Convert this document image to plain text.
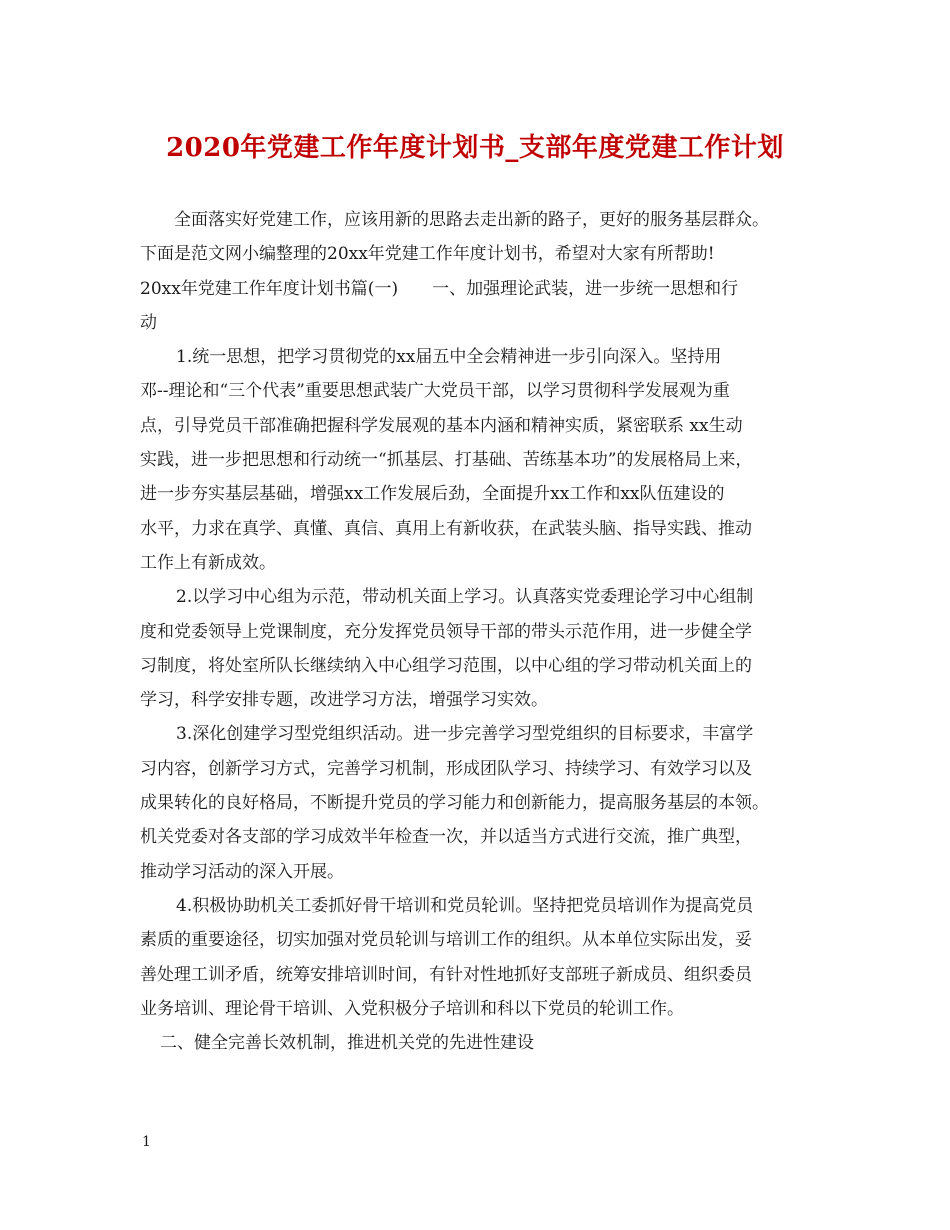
2020年党建工作年度计划书_支部年度党建工作计划
全面落实好党建工作，应该用新的思路去走出新的路子，更好的服务基层群众。
下面是范文网小编整理的20xx年党建工作年度计划书，希望对大家有所帮助!
20xx年党建工作年度计划书篇(一)　　一、加强理论武装，进一步统一思想和行
动
1.统一思想，把学习贯彻党的xx届五中全会精神进一步引向深入。坚持用
邓--理论和“三个代表”重要思想武装广大党员干部，以学习贯彻科学发展观为重
点，引导党员干部准确把握科学发展观的基本内涵和精神实质，紧密联系 xx生动
实践，进一步把思想和行动统一“抓基层、打基础、苦练基本功”的发展格局上来，
进一步夯实基层基础，增强xx工作发展后劲，全面提升xx工作和xx队伍建设的
水平，力求在真学、真懂、真信、真用上有新收获，在武装头脑、指导实践、推动
工作上有新成效。
2.以学习中心组为示范，带动机关面上学习。认真落实党委理论学习中心组制
度和党委领导上党课制度，充分发挥党员领导干部的带头示范作用，进一步健全学
习制度，将处室所队长继续纳入中心组学习范围，以中心组的学习带动机关面上的
学习，科学安排专题，改进学习方法，增强学习实效。
3.深化创建学习型党组织活动。进一步完善学习型党组织的目标要求，丰富学
习内容，创新学习方式，完善学习机制，形成团队学习、持续学习、有效学习以及
成果转化的良好格局，不断提升党员的学习能力和创新能力，提高服务基层的本领。
机关党委对各支部的学习成效半年检查一次，并以适当方式进行交流，推广典型，
推动学习活动的深入开展。
4.积极协助机关工委抓好骨干培训和党员轮训。坚持把党员培训作为提高党员
素质的重要途径，切实加强对党员轮训与培训工作的组织。从本单位实际出发，妥
善处理工训矛盾，统筹安排培训时间，有针对性地抓好支部班子新成员、组织委员
业务培训、理论骨干培训、入党积极分子培训和科以下党员的轮训工作。
二、健全完善长效机制，推进机关党的先进性建设
1
